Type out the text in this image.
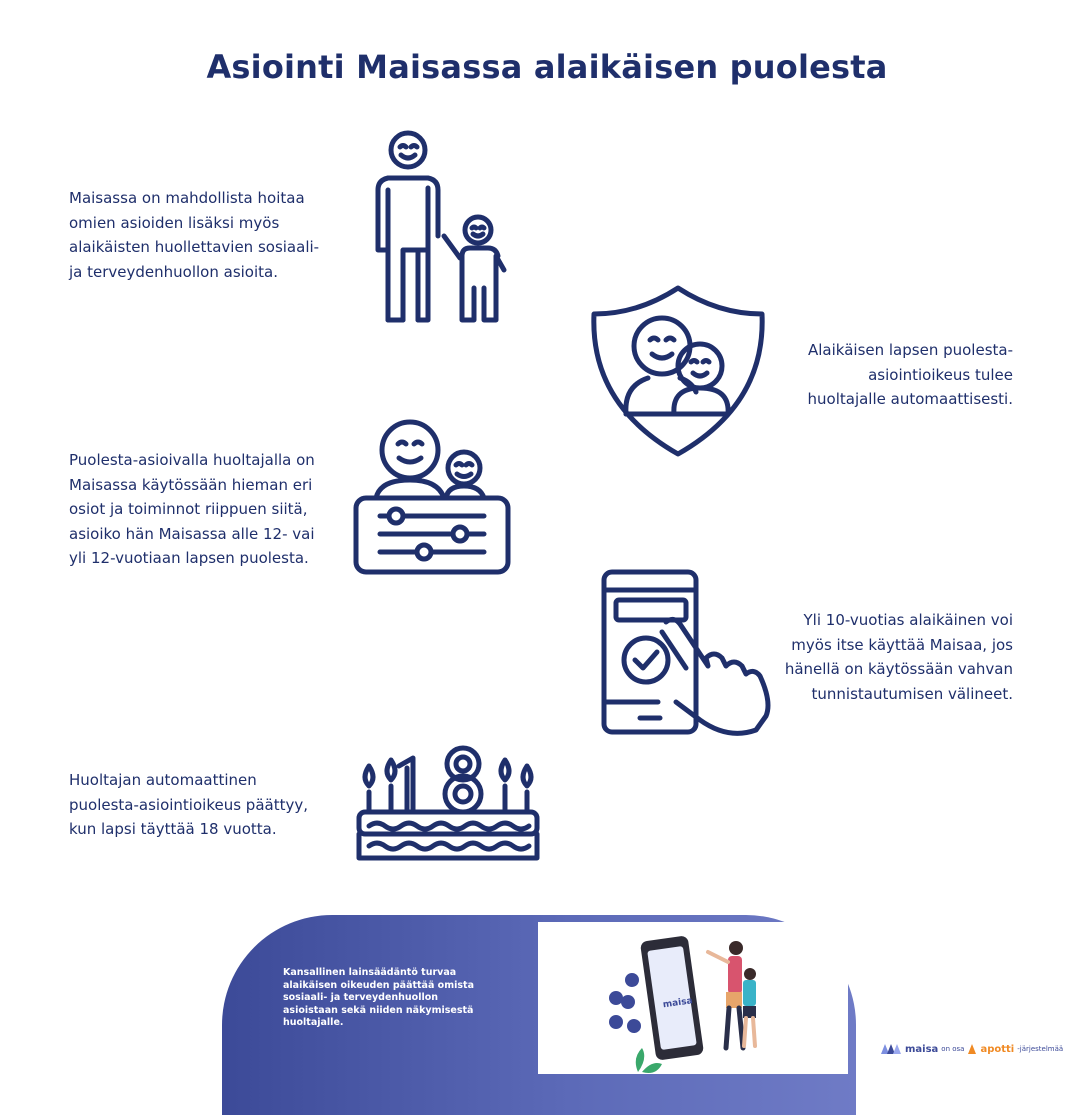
Asiointi Maisassa alaikäisen puolesta
Maisassa on mahdollista hoitaa
omien asioiden lisäksi myös
alaikäisten huollettavien sosiaali-
ja terveydenhuollon asioita.
Alaikäisen lapsen puolesta-
asiointioikeus tulee
huoltajalle automaattisesti.
Puolesta-asioivalla huoltajalla on
Maisassa käytössään hieman eri
osiot ja toiminnot riippuen siitä,
asioiko hän Maisassa alle 12- vai
yli 12-vuotiaan lapsen puolesta.
Yli 10-vuotias alaikäinen voi
myös itse käyttää Maisaa, jos
hänellä on käytössään vahvan
tunnistautumisen välineet.
Huoltajan automaattinen
puolesta-asiointioikeus päättyy,
kun lapsi täyttää 18 vuotta.
Kansallinen lainsäädäntö turvaa
alaikäisen oikeuden päättää omista
sosiaali- ja terveydenhuollon
asioistaan sekä niiden näkymisestä
huoltajalle.
maisa
maisa on osa apotti -järjestelmää
